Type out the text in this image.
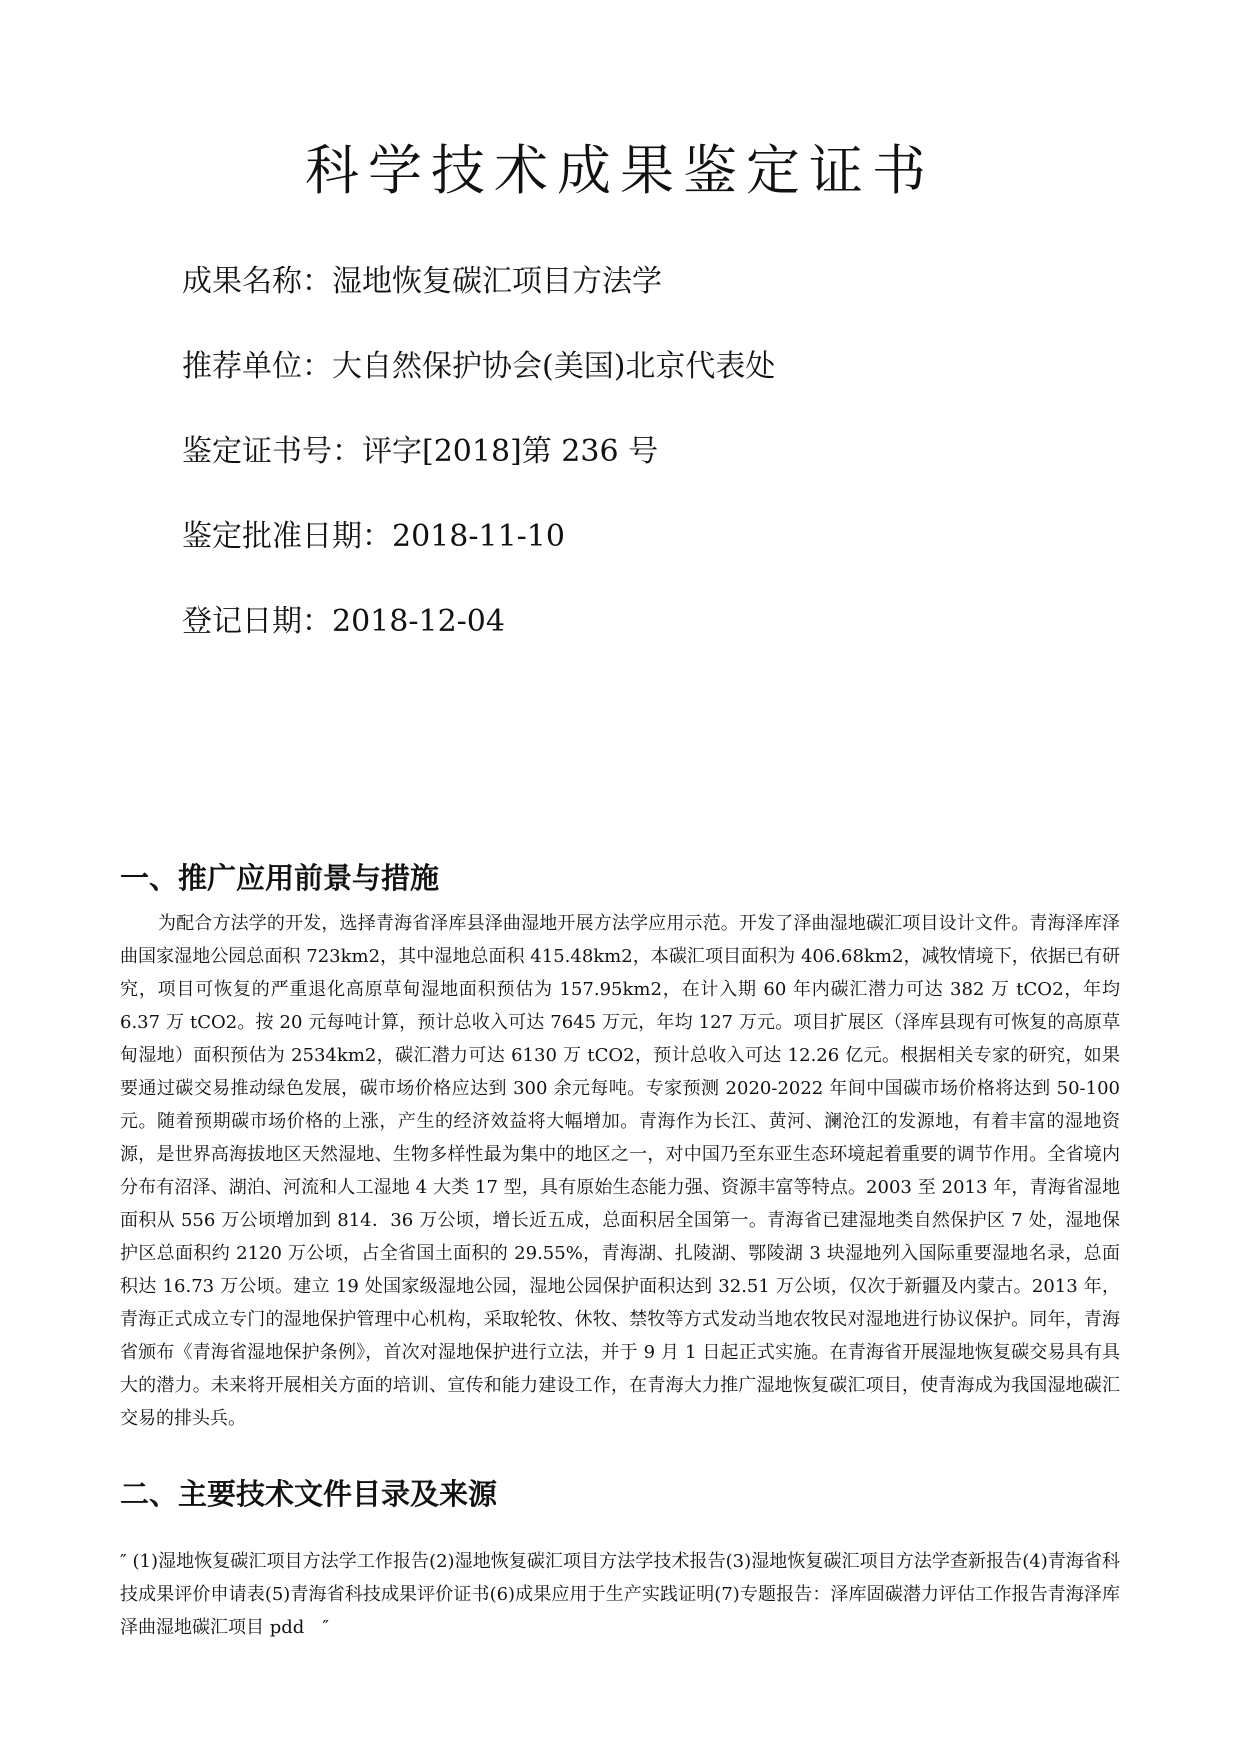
科学技术成果鉴定证书
成果名称：湿地恢复碳汇项目方法学
推荐单位：大自然保护协会(美国)北京代表处
鉴定证书号：评字[2018]第 236 号
鉴定批准日期：2018-11-10
登记日期：2018-12-04
一、推广应用前景与措施

为配合方法学的开发，选择青海省泽库县泽曲湿地开展方法学应用示范。开发了泽曲湿地碳汇项目设计文件。青海泽库泽曲国家湿地公园总面积 723km2，其中湿地总面积 415.48km2，本碳汇项目面积为 406.68km2，减牧情境下，依据已有研究，项目可恢复的严重退化高原草甸湿地面积预估为 157.95km2，在计入期 60 年内碳汇潜力可达 382 万 tCO2，年均 6.37 万 tCO2。按 20 元每吨计算，预计总收入可达 7645 万元，年均 127 万元。项目扩展区（泽库县现有可恢复的高原草甸湿地）面积预估为 2534km2，碳汇潜力可达 6130 万 tCO2，预计总收入可达 12.26 亿元。根据相关专家的研究，如果要通过碳交易推动绿色发展，碳市场价格应达到 300 余元每吨。专家预测 2020-2022 年间中国碳市场价格将达到 50-100 元。随着预期碳市场价格的上涨，产生的经济效益将大幅增加。青海作为长江、黄河、澜沧江的发源地，有着丰富的湿地资源，是世界高海拔地区天然湿地、生物多样性最为集中的地区之一，对中国乃至东亚生态环境起着重要的调节作用。全省境内分布有沼泽、湖泊、河流和人工湿地 4 大类 17 型，具有原始生态能力强、资源丰富等特点。2003 至 2013 年，青海省湿地面积从 556 万公顷增加到 814．36 万公顷，增长近五成，总面积居全国第一。青海省已建湿地类自然保护区 7 处，湿地保护区总面积约 2120 万公顷，占全省国土面积的 29.55%，青海湖、扎陵湖、鄂陵湖 3 块湿地列入国际重要湿地名录，总面积达 16.73 万公顷。建立 19 处国家级湿地公园，湿地公园保护面积达到 32.51 万公顷，仅次于新疆及内蒙古。2013 年，青海正式成立专门的湿地保护管理中心机构，采取轮牧、休牧、禁牧等方式发动当地农牧民对湿地进行协议保护。同年，青海省颁布《青海省湿地保护条例》，首次对湿地保护进行立法，并于 9 月 1 日起正式实施。在青海省开展湿地恢复碳交易具有具大的潜力。未来将开展相关方面的培训、宣传和能力建设工作，在青海大力推广湿地恢复碳汇项目，使青海成为我国湿地碳汇交易的排头兵。

二、主要技术文件目录及来源

″ (1)湿地恢复碳汇项目方法学工作报告(2)湿地恢复碳汇项目方法学技术报告(3)湿地恢复碳汇项目方法学查新报告(4)青海省科技成果评价申请表(5)青海省科技成果评价证书(6)成果应用于生产实践证明(7)专题报告：泽库固碳潜力评估工作报告青海泽库泽曲湿地碳汇项目 pdd　″
